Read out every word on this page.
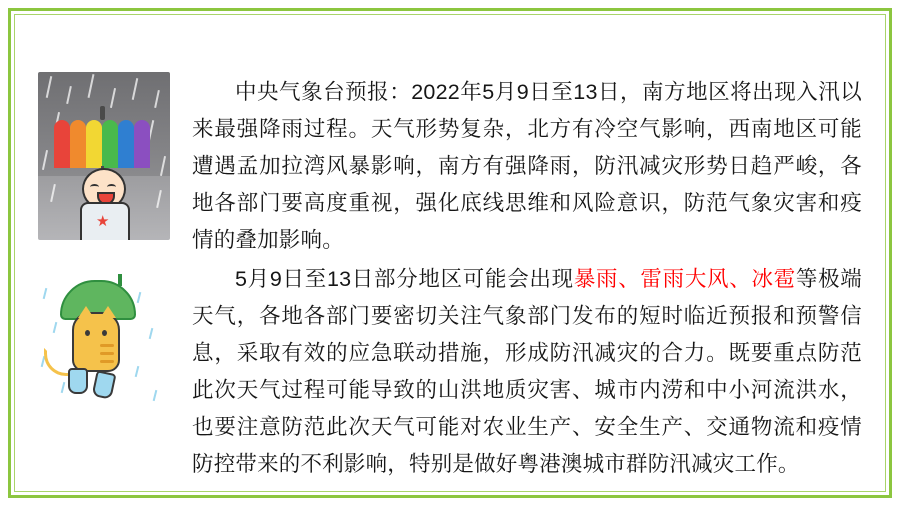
★

中央气象台预报：2022年5月9日至13日，南方地区将出现入汛以来最强降雨过程。天气形势复杂，北方有冷空气影响，西南地区可能遭遇孟加拉湾风暴影响，南方有强降雨，防汛减灾形势日趋严峻，各地各部门要高度重视，强化底线思维和风险意识，防范气象灾害和疫情的叠加影响。

5月9日至13日部分地区可能会出现暴雨、雷雨大风、冰雹等极端天气，各地各部门要密切关注气象部门发布的短时临近预报和预警信息，采取有效的应急联动措施，形成防汛减灾的合力。既要重点防范此次天气过程可能导致的山洪地质灾害、城市内涝和中小河流洪水，也要注意防范此次天气可能对农业生产、安全生产、交通物流和疫情防控带来的不利影响，特别是做好粤港澳城市群防汛减灾工作。
